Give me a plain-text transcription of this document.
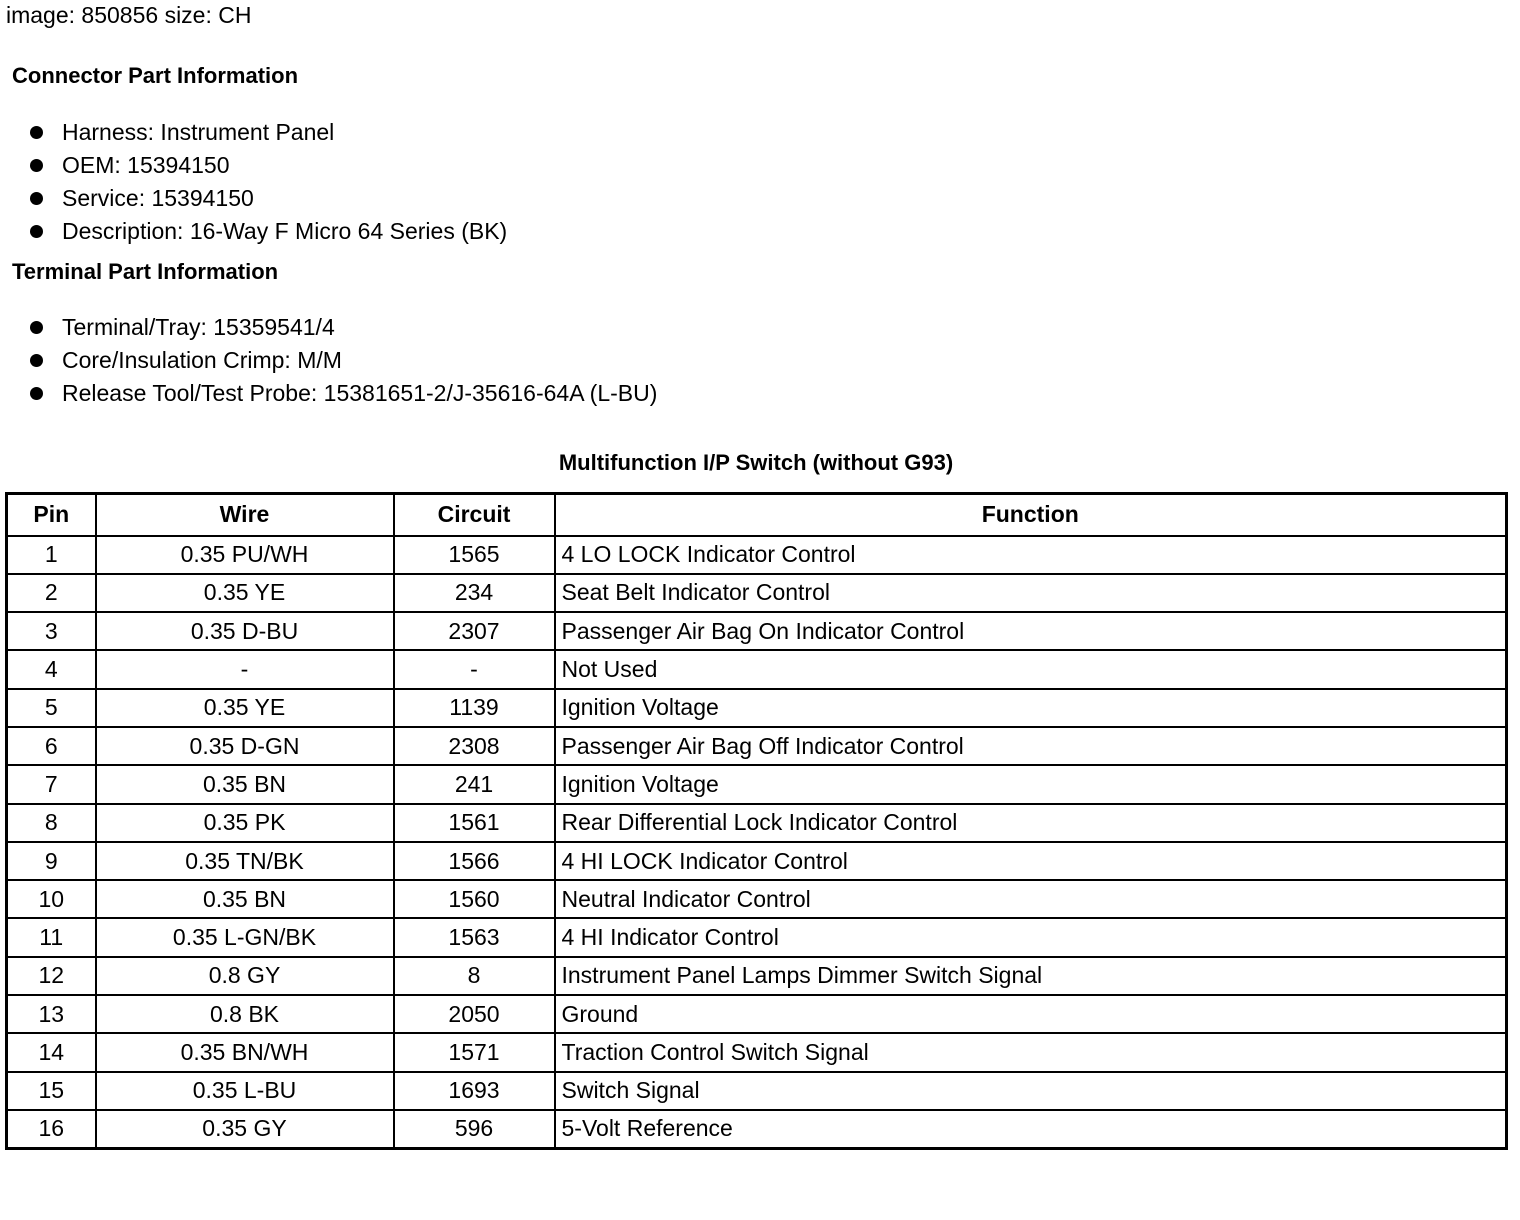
image: 850856 size: CH
Connector Part Information
Harness: Instrument Panel
OEM: 15394150
Service: 15394150
Description: 16-Way F Micro 64 Series (BK)
Terminal Part Information
Terminal/Tray: 15359541/4
Core/Insulation Crimp: M/M
Release Tool/Test Probe: 15381651-2/J-35616-64A (L-BU)
Multifunction I/P Switch (without G93)
Pin	Wire	Circuit	Function
1	0.35 PU/WH	1565	4 LO LOCK Indicator Control
2	0.35 YE	234	Seat Belt Indicator Control
3	0.35 D-BU	2307	Passenger Air Bag On Indicator Control
4	-	-	Not Used
5	0.35 YE	1139	Ignition Voltage
6	0.35 D-GN	2308	Passenger Air Bag Off Indicator Control
7	0.35 BN	241	Ignition Voltage
8	0.35 PK	1561	Rear Differential Lock Indicator Control
9	0.35 TN/BK	1566	4 HI LOCK Indicator Control
10	0.35 BN	1560	Neutral Indicator Control
11	0.35 L-GN/BK	1563	4 HI Indicator Control
12	0.8 GY	8	Instrument Panel Lamps Dimmer Switch Signal
13	0.8 BK	2050	Ground
14	0.35 BN/WH	1571	Traction Control Switch Signal
15	0.35 L-BU	1693	Switch Signal
16	0.35 GY	596	5-Volt Reference
